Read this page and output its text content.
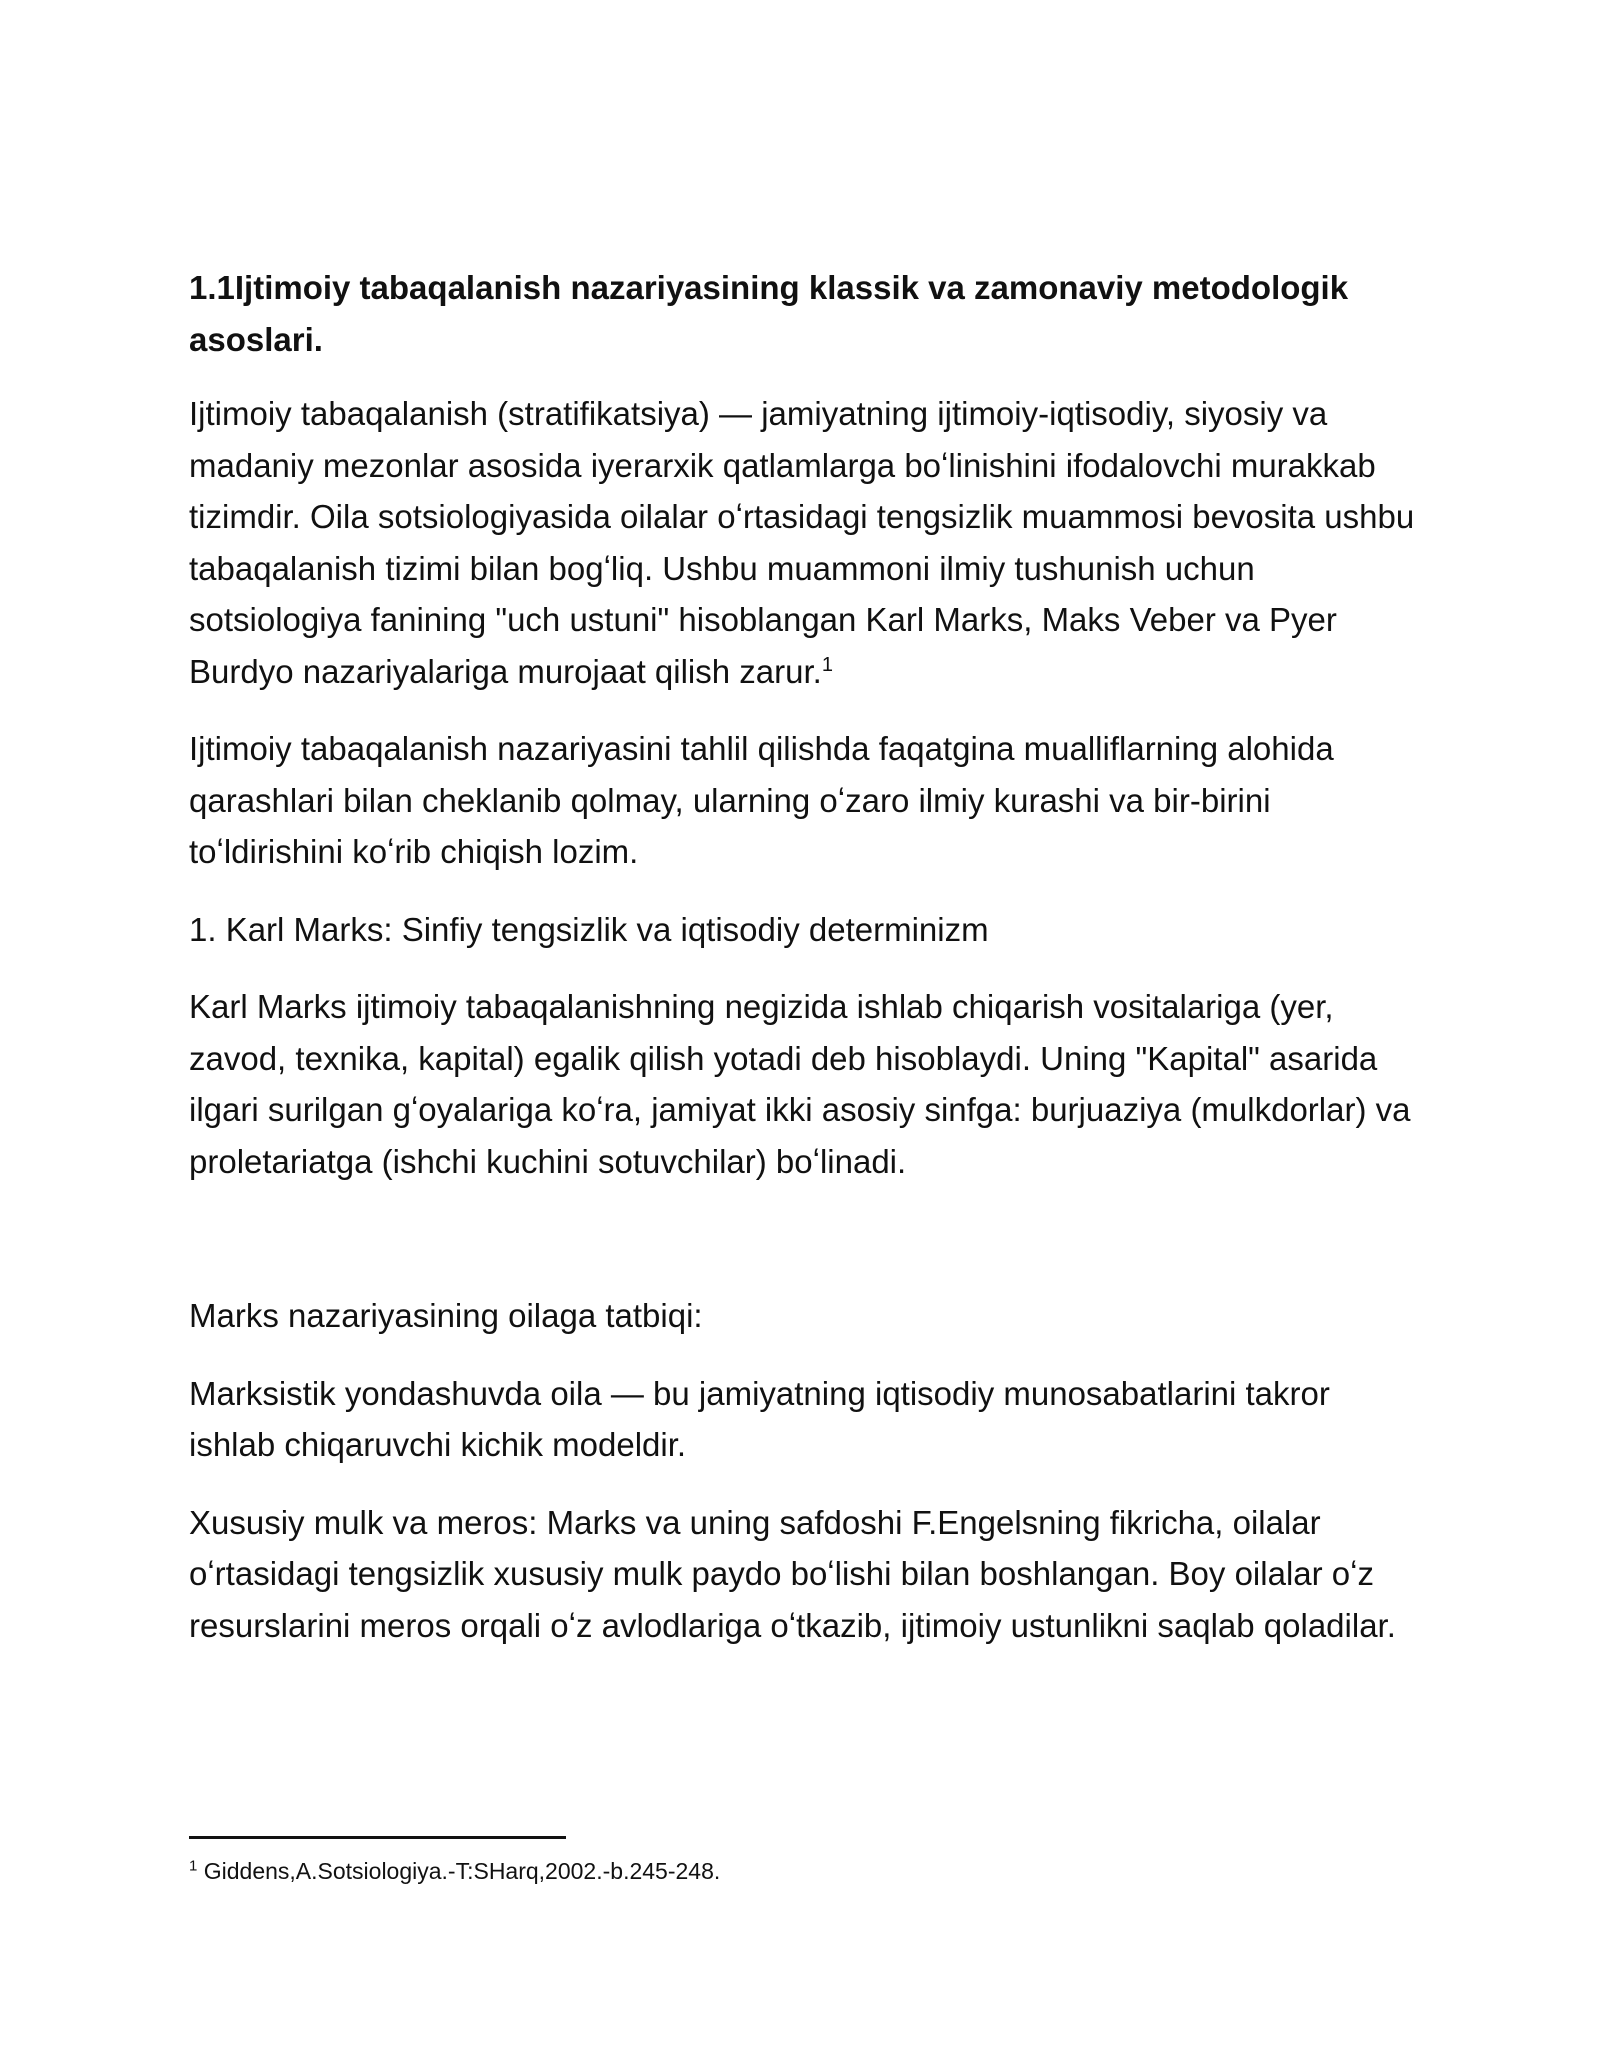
1.1Ijtimoiy tabaqalanish nazariyasining klassik va zamonaviy metodologik asoslari.

Ijtimoiy tabaqalanish (stratifikatsiya) — jamiyatning ijtimoiy-iqtisodiy, siyosiy va madaniy mezonlar asosida iyerarxik qatlamlarga boʻlinishini ifodalovchi murakkab tizimdir. Oila sotsiologiyasida oilalar oʻrtasidagi tengsizlik muammosi bevosita ushbu tabaqalanish tizimi bilan bogʻliq. Ushbu muammoni ilmiy tushunish uchun sotsiologiya fanining "uch ustuni" hisoblangan Karl Marks, Maks Veber va Pyer Burdyo nazariyalariga murojaat qilish zarur.$^1$

Ijtimoiy tabaqalanish nazariyasini tahlil qilishda faqatgina mualliflarning alohida qarashlari bilan cheklanib qolmay, ularning oʻzaro ilmiy kurashi va bir-birini toʻldirishini koʻrib chiqish lozim.

1. Karl Marks: Sinfiy tengsizlik va iqtisodiy determinizm

Karl Marks ijtimoiy tabaqalanishning negizida ishlab chiqarish vositalariga (yer, zavod, texnika, kapital) egalik qilish yotadi deb hisoblaydi. Uning "Kapital" asarida ilgari surilgan gʻoyalariga koʻra, jamiyat ikki asosiy sinfga: burjuaziya (mulkdorlar) va proletariatga (ishchi kuchini sotuvchilar) boʻlinadi.

Marks nazariyasining oilaga tatbiqi:

Marksistik yondashuvda oila — bu jamiyatning iqtisodiy munosabatlarini takror ishlab chiqaruvchi kichik modeldir.

Xususiy mulk va meros: Marks va uning safdoshi F.Engelsning fikricha, oilalar oʻrtasidagi tengsizlik xususiy mulk paydo boʻlishi bilan boshlangan. Boy oilalar oʻz resurslarini meros orqali oʻz avlodlariga oʻtkazib, ijtimoiy ustunlikni saqlab qoladilar.

$^1$ Giddens,A.Sotsiologiya.-T:SHarq,2002.-b.245-248.
